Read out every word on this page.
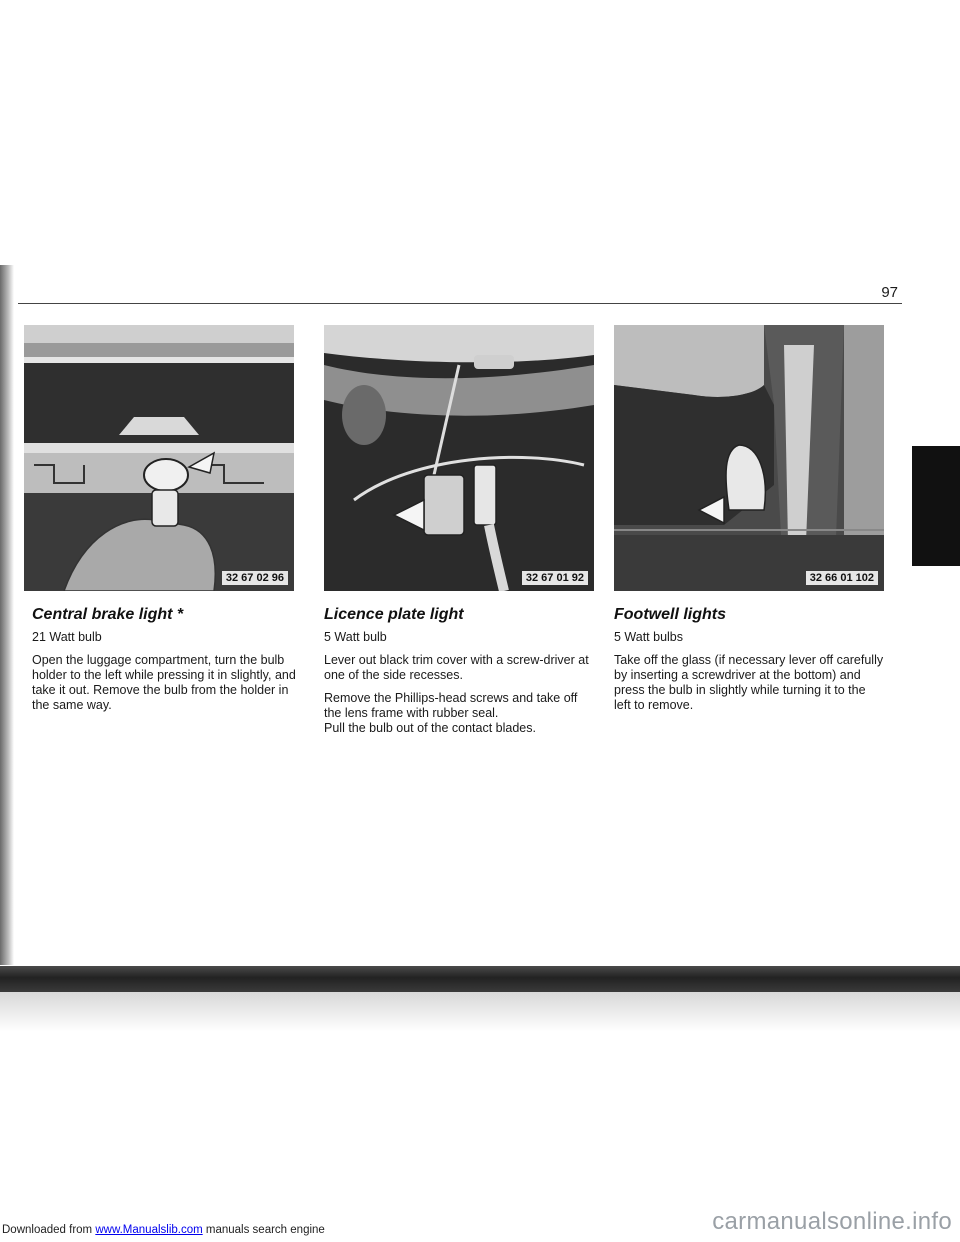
97
32 67 02 96	32 67 01 92	32 66 01 102
Central brake light *

21 Watt bulb

Open the luggage compartment, turn the bulb holder to the left while pressing it in slightly, and take it out. Remove the bulb from the holder in the same way.

Licence plate light

5 Watt bulb

Lever out black trim cover with a screw-driver at one of the side recesses.

Remove the Phillips-head screws and take off the lens frame with rubber seal.

Pull the bulb out of the contact blades.

Footwell lights

5 Watt bulbs

Take off the glass (if necessary lever off carefully by inserting a screwdriver at the bottom) and press the bulb in slightly while turning it to the left to remove.

Downloaded from www.Manualslib.com manuals search engine	carmanualsonline.info
